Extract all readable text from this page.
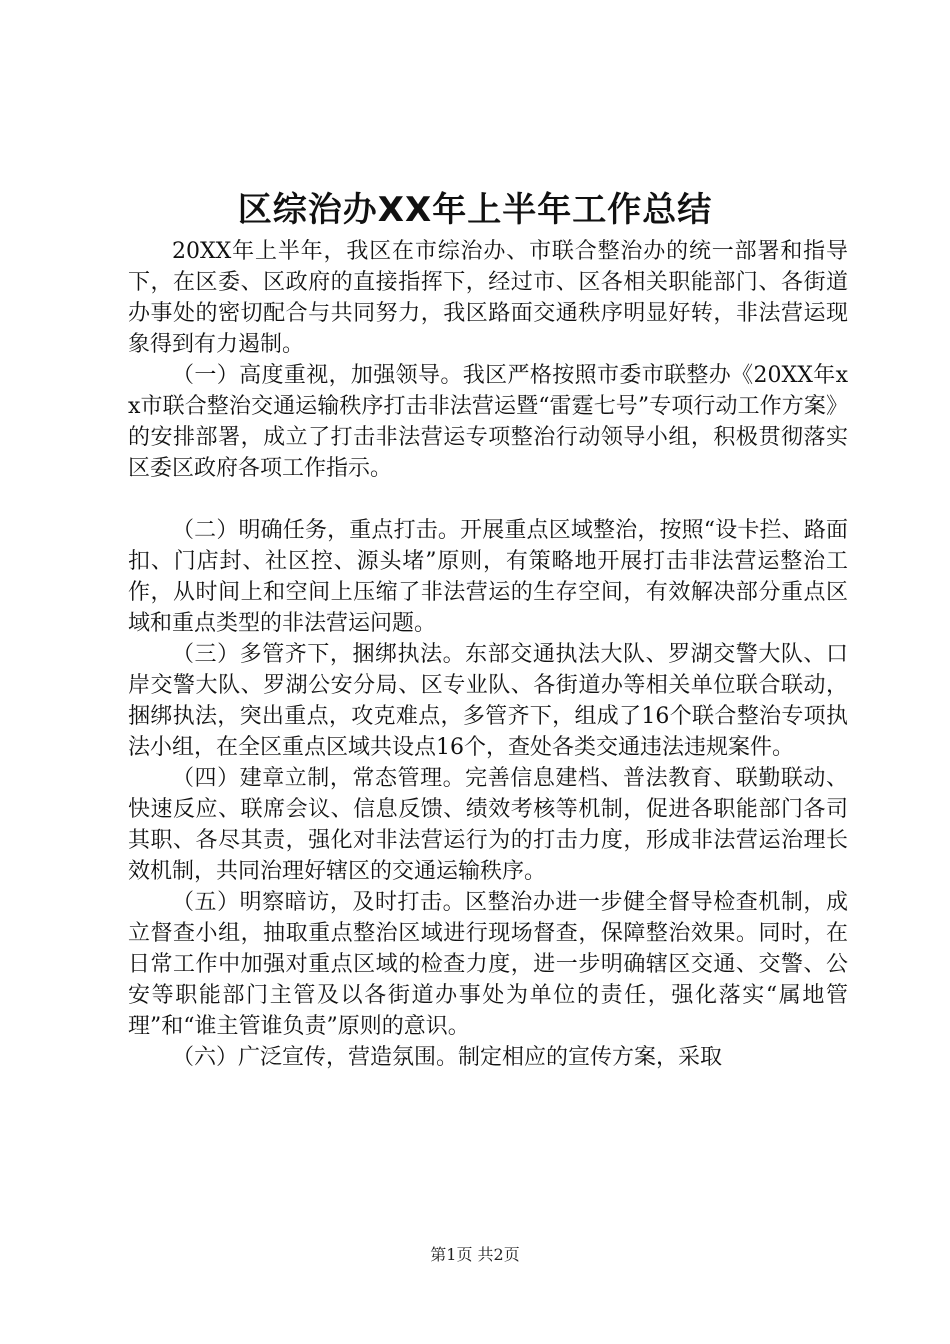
区综治办XX年上半年工作总结

20XX年上半年，我区在市综治办、市联合整治办的统一部署和指导下，在区委、区政府的直接指挥下，经过市、区各相关职能部门、各街道办事处的密切配合与共同努力，我区路面交通秩序明显好转，非法营运现象得到有力遏制。

（一）高度重视，加强领导。我区严格按照市委市联整办《20XX年xx市联合整治交通运输秩序打击非法营运暨“雷霆七号”专项行动工作方案》的安排部署，成立了打击非法营运专项整治行动领导小组，积极贯彻落实区委区政府各项工作指示。

（二）明确任务，重点打击。开展重点区域整治，按照“设卡拦、路面扣、门店封、社区控、源头堵”原则，有策略地开展打击非法营运整治工作，从时间上和空间上压缩了非法营运的生存空间，有效解决部分重点区域和重点类型的非法营运问题。

（三）多管齐下，捆绑执法。东部交通执法大队、罗湖交警大队、口岸交警大队、罗湖公安分局、区专业队、各街道办等相关单位联合联动，捆绑执法，突出重点，攻克难点，多管齐下，组成了16个联合整治专项执法小组，在全区重点区域共设点16个，查处各类交通违法违规案件。

（四）建章立制，常态管理。完善信息建档、普法教育、联勤联动、快速反应、联席会议、信息反馈、绩效考核等机制，促进各职能部门各司其职、各尽其责，强化对非法营运行为的打击力度，形成非法营运治理长效机制，共同治理好辖区的交通运输秩序。

（五）明察暗访，及时打击。区整治办进一步健全督导检查机制，成立督查小组，抽取重点整治区域进行现场督查，保障整治效果。同时，在日常工作中加强对重点区域的检查力度，进一步明确辖区交通、交警、公安等职能部门主管及以各街道办事处为单位的责任，强化落实“属地管理”和“谁主管谁负责”原则的意识。

（六）广泛宣传，营造氛围。制定相应的宣传方案，采取

第1页 共2页
